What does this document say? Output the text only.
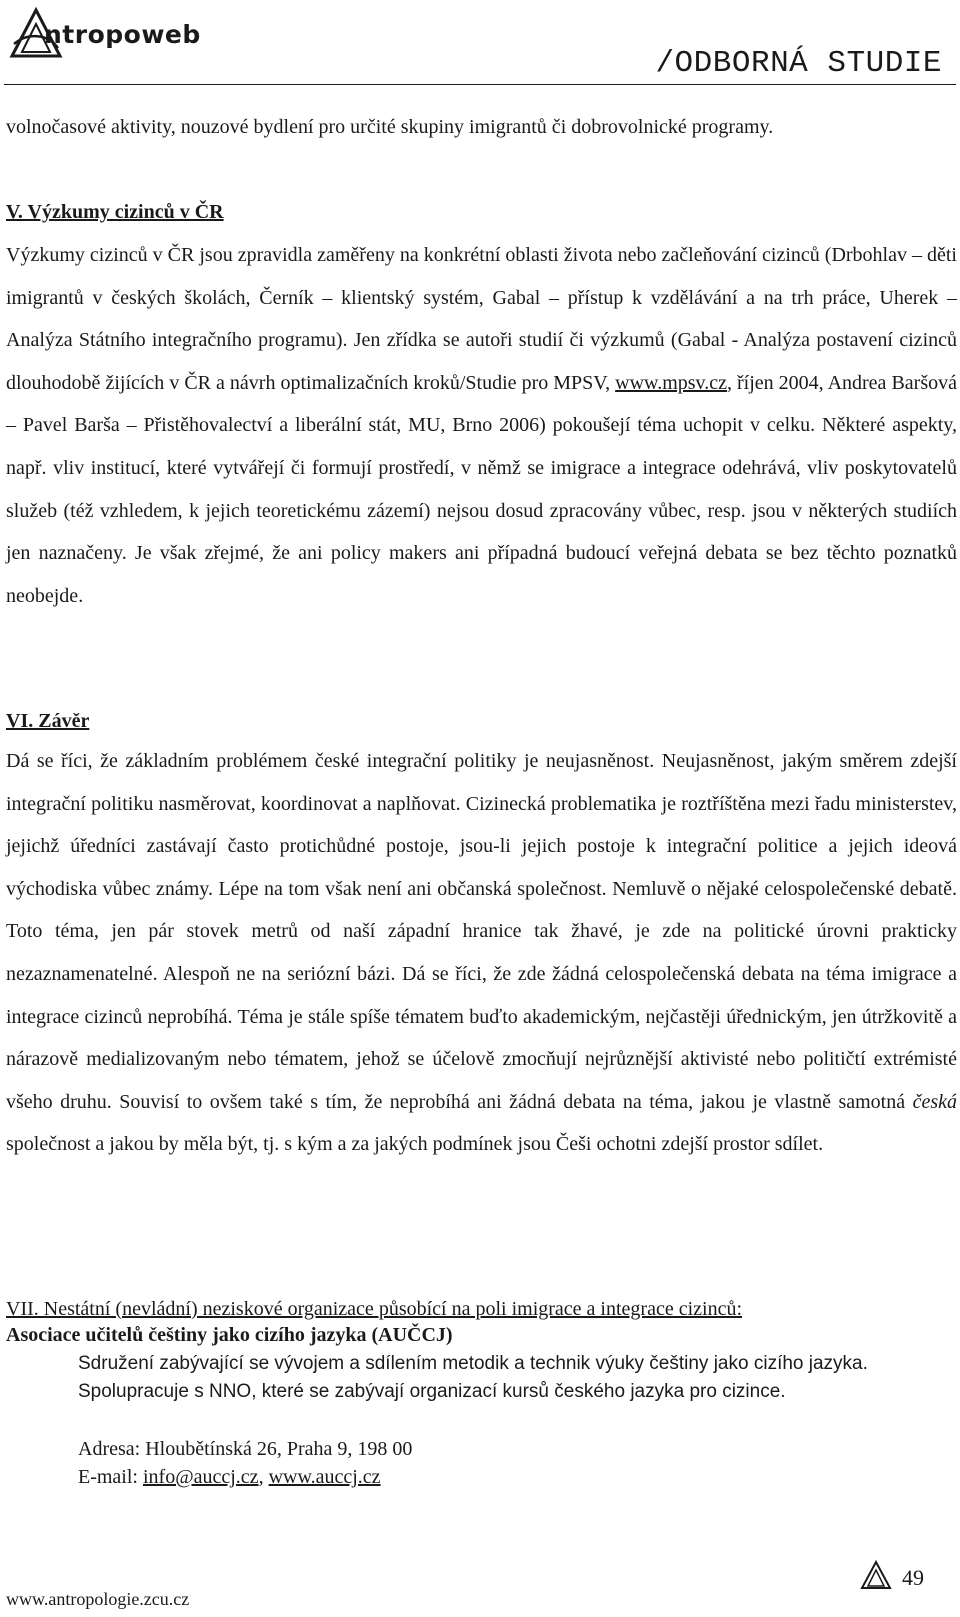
ntropoweb
/ODBORNÁ STUDIE

volnočasové aktivity, nouzové bydlení pro určité skupiny imigrantů či dobrovolnické programy.

V. Výzkumy cizinců v ČR

Výzkumy cizinců v ČR jsou zpravidla zaměřeny na konkrétní oblasti života nebo začleňování cizinců (Drbohlav – děti imigrantů v českých školách, Černík – klientský systém, Gabal – přístup k vzdělávání a na trh práce, Uherek – Analýza Státního integračního programu). Jen zřídka se autoři studií či výzkumů (Gabal - Analýza postavení cizinců dlouhodobě žijících v ČR a návrh optimalizačních kroků/Studie pro MPSV, www.mpsv.cz, říjen 2004, Andrea Baršová – Pavel Barša – Přistěhovalectví a liberální stát, MU, Brno 2006) pokoušejí téma uchopit v celku. Některé aspekty, např. vliv institucí, které vytvářejí či formují prostředí, v němž se imigrace a integrace odehrává, vliv poskytovatelů služeb (též vzhledem, k jejich teoretickému zázemí) nejsou dosud zpracovány vůbec, resp. jsou v některých studiích jen naznačeny. Je však zřejmé, že ani policy makers ani případná budoucí veřejná debata se bez těchto poznatků neobejde.

VI. Závěr

Dá se říci, že základním problémem české integrační politiky je neujasněnost. Neujasněnost, jakým směrem zdejší integrační politiku nasměrovat, koordinovat a naplňovat. Cizinecká problematika je roztříštěna mezi řadu ministerstev, jejichž úředníci zastávají často protichůdné postoje, jsou-li jejich postoje k integrační politice a jejich ideová východiska vůbec známy. Lépe na tom však není ani občanská společnost. Nemluvě o nějaké celospolečenské debatě. Toto téma, jen pár stovek metrů od naší západní hranice tak žhavé, je zde na politické úrovni prakticky nezaznamenatelné. Alespoň ne na seriózní bázi. Dá se říci, že zde žádná celospolečenská debata na téma imigrace a integrace cizinců neprobíhá. Téma je stále spíše tématem buďto akademickým, nejčastěji úřednickým, jen útržkovitě a nárazově medializovaným nebo tématem, jehož se účelově zmocňují nejrůznější aktivisté nebo političtí extrémisté všeho druhu. Souvisí to ovšem také s tím, že neprobíhá ani žádná debata na téma, jakou je vlastně samotná česká společnost a jakou by měla být, tj. s kým a za jakých podmínek jsou Češi ochotni zdejší prostor sdílet.

VII. Nestátní (nevládní) neziskové organizace působící na poli imigrace a integrace cizinců:
Asociace učitelů češtiny jako cizího jazyka (AUČCJ)

Sdružení zabývající se vývojem a sdílením metodik a technik výuky češtiny jako cizího jazyka. Spolupracuje s NNO, které se zabývají organizací kursů českého jazyka pro cizince.

Adresa: Hloubětínská 26, Praha 9, 198 00
E-mail: info@auccj.cz, www.auccj.cz
www.antropologie.zcu.cz
49
